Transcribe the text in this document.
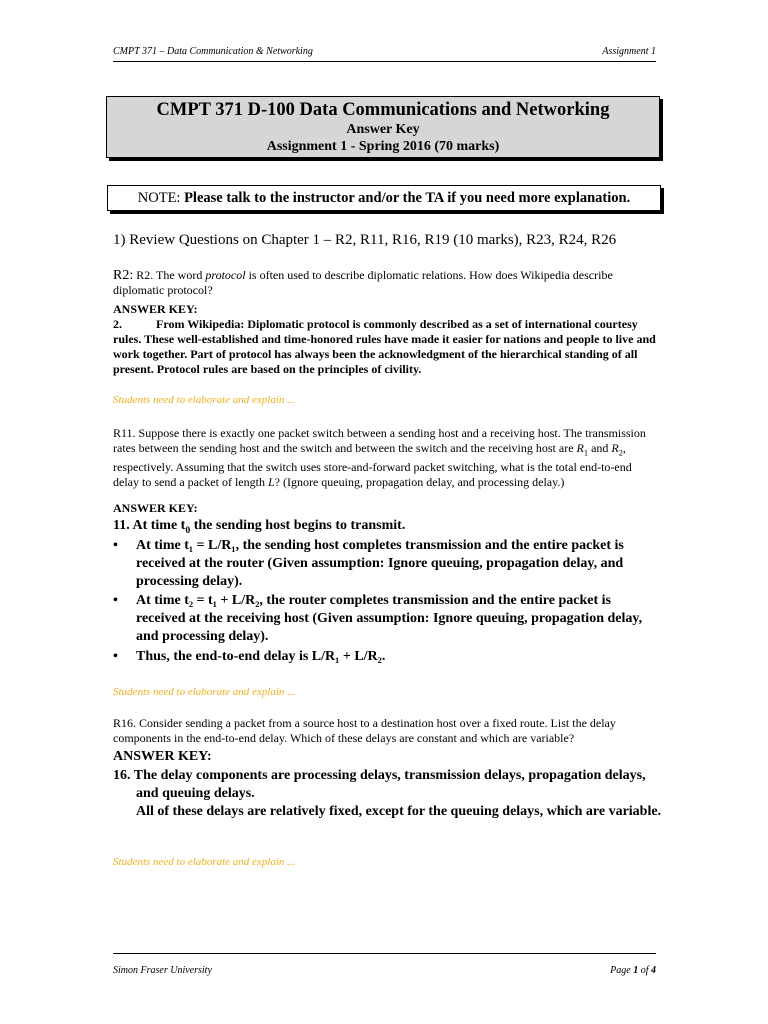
CMPT 371 – Data Communication & Networking	Assignment 1
CMPT 371 D-100 Data Communications and Networking
Answer Key
Assignment 1 - Spring 2016 (70 marks)
NOTE: Please talk to the instructor and/or the TA if you need more explanation.
1) Review Questions on Chapter 1 – R2, R11, R16, R19 (10 marks), R23, R24, R26
R2: R2. The word protocol is often used to describe diplomatic relations. How does Wikipedia describe diplomatic protocol?
ANSWER KEY:
2.	From Wikipedia: Diplomatic protocol is commonly described as a set of international courtesy rules. These well-established and time-honored rules have made it easier for nations and people to live and work together. Part of protocol has always been the acknowledgment of the hierarchical standing of all present. Protocol rules are based on the principles of civility.
Students need to elaborate and explain ...
R11. Suppose there is exactly one packet switch between a sending host and a receiving host. The transmission rates between the sending host and the switch and between the switch and the receiving host are $R_1$ and $R_2$, respectively. Assuming that the switch uses store-and-forward packet switching, what is the total end-to-end delay to send a packet of length L? (Ignore queuing, propagation delay, and processing delay.)
ANSWER KEY:
11. At time $t_0$ the sending host begins to transmit.
•	At time t₁ = L/R₁, the sending host completes transmission and the entire packet is received at the router (Given assumption: Ignore queuing, propagation delay, and processing delay).
•	At time t₂ = t₁ + L/R₂, the router completes transmission and the entire packet is received at the receiving host (Given assumption: Ignore queuing, propagation delay, and processing delay).
•	Thus, the end-to-end delay is L/R₁ + L/R₂.
Students need to elaborate and explain ...
R16. Consider sending a packet from a source host to a destination host over a fixed route. List the delay components in the end-to-end delay. Which of these delays are constant and which are variable?
ANSWER KEY:
16. The delay components are processing delays, transmission delays, propagation delays, and queuing delays.
All of these delays are relatively fixed, except for the queuing delays, which are variable.
Students need to elaborate and explain ...
Simon Fraser University	Page 1 of 4
